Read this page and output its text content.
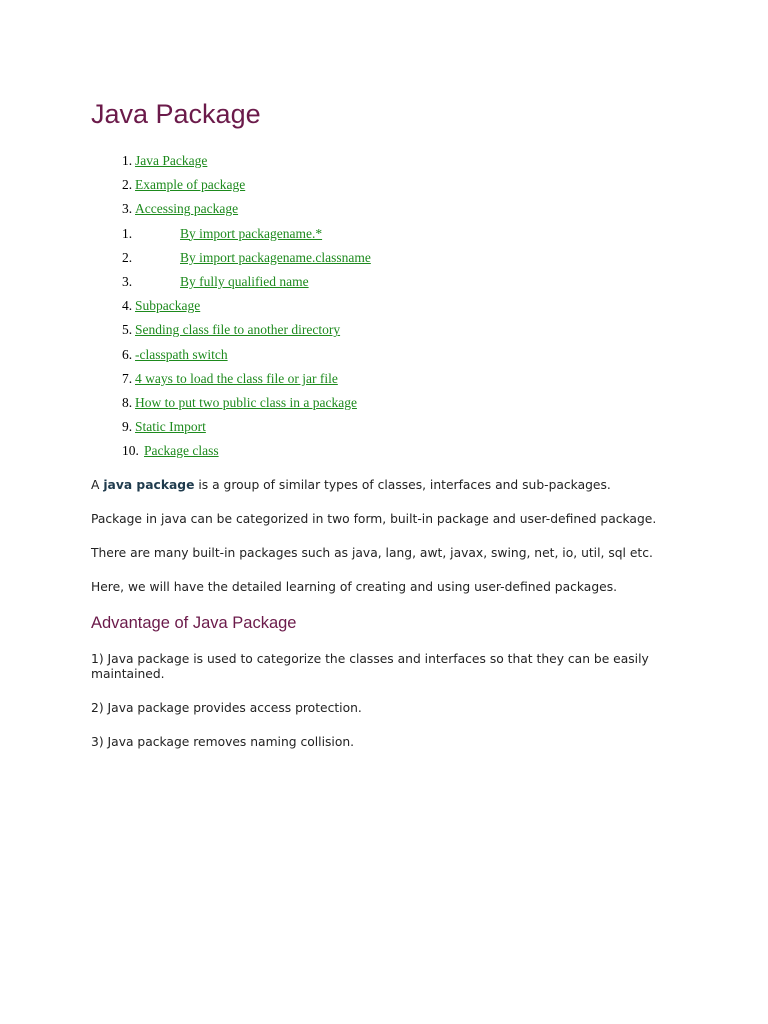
Java Package
1. Java Package
2. Example of package
3. Accessing package
1.	By import packagename.*
2.	By import packagename.classname
3.	By fully qualified name
4. Subpackage
5. Sending class file to another directory
6. -classpath switch
7. 4 ways to load the class file or jar file
8. How to put two public class in a package
9. Static Import
10. Package class

A java package is a group of similar types of classes, interfaces and sub-packages.

Package in java can be categorized in two form, built-in package and user-defined package.

There are many built-in packages such as java, lang, awt, javax, swing, net, io, util, sql etc.

Here, we will have the detailed learning of creating and using user-defined packages.

Advantage of Java Package

1) Java package is used to categorize the classes and interfaces so that they can be easily maintained.

2) Java package provides access protection.

3) Java package removes naming collision.
